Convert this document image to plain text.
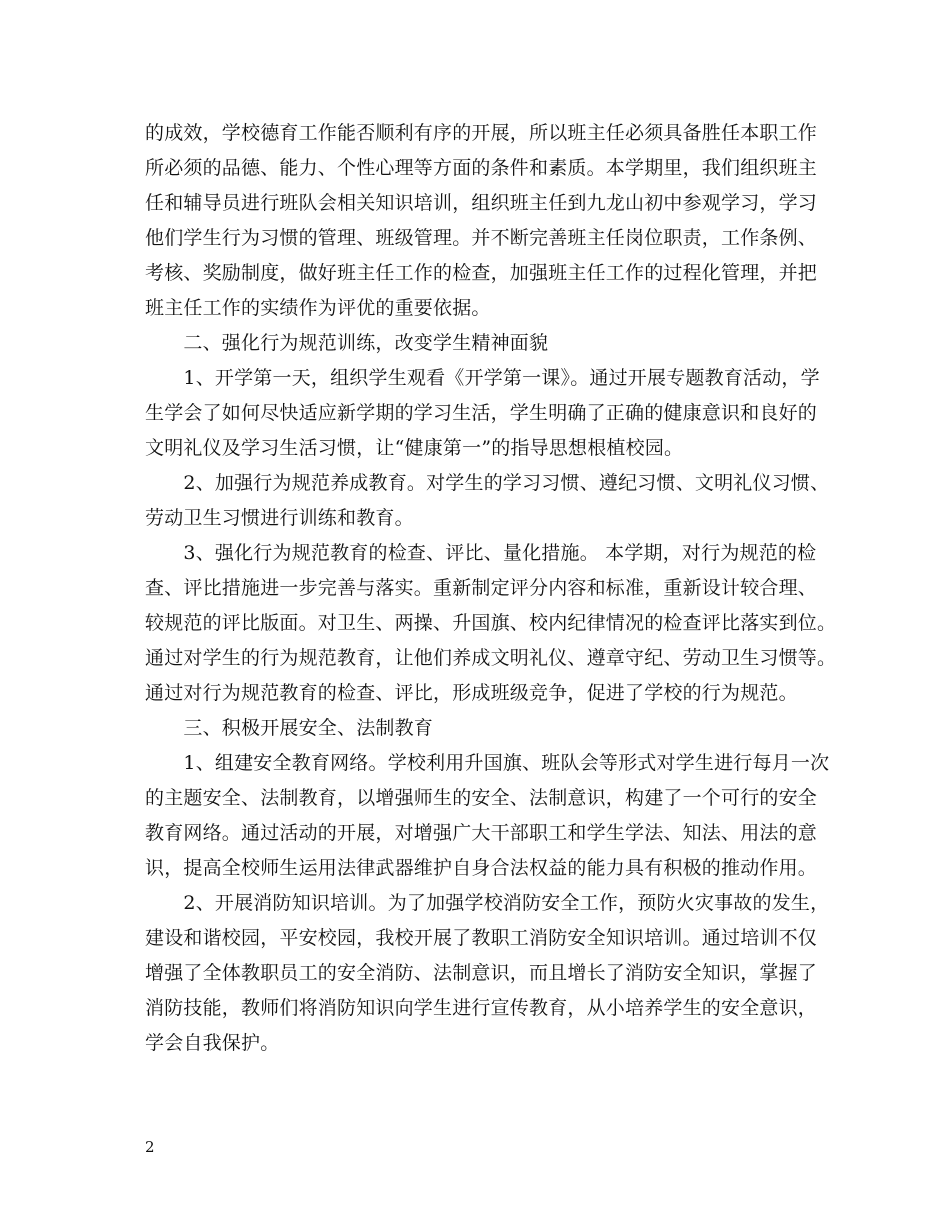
的成效，学校德育工作能否顺利有序的开展，所以班主任必须具备胜任本职工作
所必须的品德、能力、个性心理等方面的条件和素质。本学期里，我们组织班主
任和辅导员进行班队会相关知识培训，组织班主任到九龙山初中参观学习，学习
他们学生行为习惯的管理、班级管理。并不断完善班主任岗位职责，工作条例、
考核、奖励制度，做好班主任工作的检查，加强班主任工作的过程化管理，并把
班主任工作的实绩作为评优的重要依据。
　　二、强化行为规范训练，改变学生精神面貌
　　1、开学第一天，组织学生观看《开学第一课》。通过开展专题教育活动，学
生学会了如何尽快适应新学期的学习生活，学生明确了正确的健康意识和良好的
文明礼仪及学习生活习惯，让“健康第一”的指导思想根植校园。
　　2、加强行为规范养成教育。对学生的学习习惯、遵纪习惯、文明礼仪习惯、
劳动卫生习惯进行训练和教育。
　　3、强化行为规范教育的检查、评比、量化措施。 本学期，对行为规范的检
查、评比措施进一步完善与落实。重新制定评分内容和标准，重新设计较合理、
较规范的评比版面。对卫生、两操、升国旗、校内纪律情况的检查评比落实到位。
通过对学生的行为规范教育，让他们养成文明礼仪、遵章守纪、劳动卫生习惯等。
通过对行为规范教育的检查、评比，形成班级竞争，促进了学校的行为规范。
　　三、积极开展安全、法制教育
　　1、组建安全教育网络。学校利用升国旗、班队会等形式对学生进行每月一次
的主题安全、法制教育，以增强师生的安全、法制意识，构建了一个可行的安全
教育网络。通过活动的开展，对增强广大干部职工和学生学法、知法、用法的意
识，提高全校师生运用法律武器维护自身合法权益的能力具有积极的推动作用。
　　2、开展消防知识培训。为了加强学校消防安全工作，预防火灾事故的发生，
建设和谐校园，平安校园，我校开展了教职工消防安全知识培训。通过培训不仅
增强了全体教职员工的安全消防、法制意识，而且增长了消防安全知识，掌握了
消防技能，教师们将消防知识向学生进行宣传教育，从小培养学生的安全意识，
学会自我保护。
2
